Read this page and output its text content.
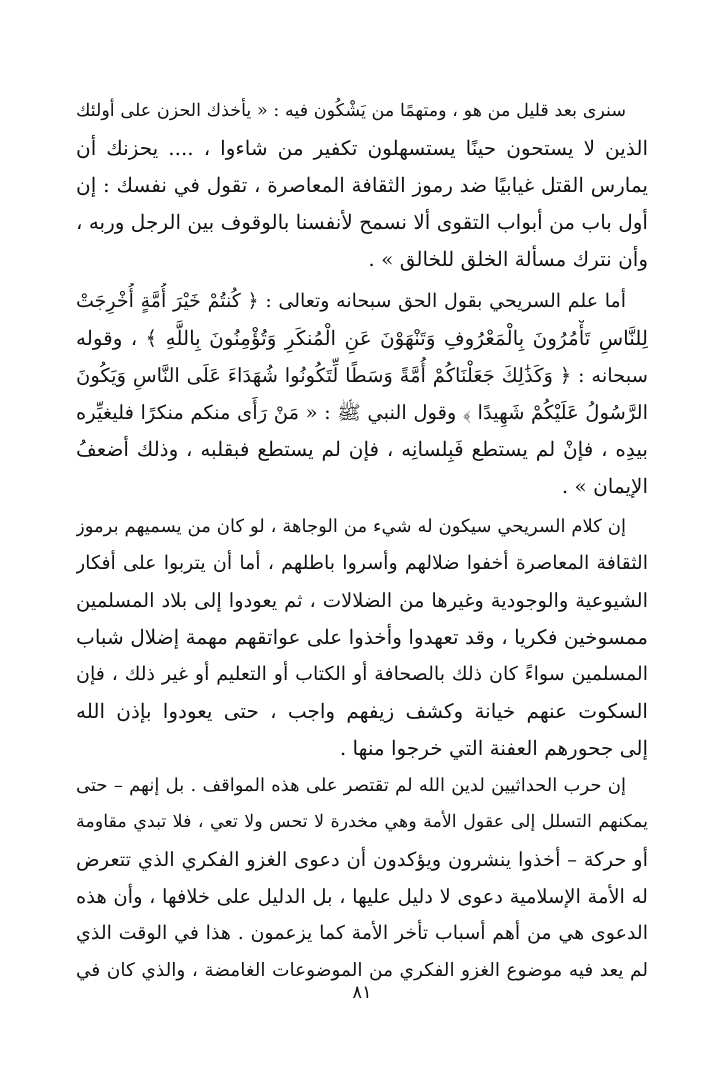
سنرى بعد قليل من هو ، ومتهمًا من يَشْكُون فيه : « يأخذك الحزن على أولئك
الذين لا يستحون حينًا يستسهلون تكفير من شاءوا ، .... يحزنك أن
يمارس القتل غيابيًا ضد رموز الثقافة المعاصرة ، تقول في نفسك : إن
أول باب من أبواب التقوى ألا نسمح لأنفسنا بالوقوف بين الرجل وربه ،
وأن نترك مسألة الخلق للخالق » .
أما علم السريحي بقول الحق سبحانه وتعالى : ﴿ كُنتُمْ خَيْرَ أُمَّةٍ أُخْرِجَتْ
لِلنَّاسِ تَأْمُرُونَ بِالْمَعْرُوفِ وَتَنْهَوْنَ عَنِ الْمُنكَرِ وَتُؤْمِنُونَ بِاللَّهِ ﴾ ، وقوله
سبحانه : ﴿ وَكَذَٰلِكَ جَعَلْنَاكُمْ أُمَّةً وَسَطًا لِّتَكُونُوا شُهَدَاءَ عَلَى النَّاسِ وَيَكُونَ
الرَّسُولُ عَلَيْكُمْ شَهِيدًا ﴾ وقول النبي ﷺ : « مَنْ رَأَى منكم منكرًا فليغيِّره
بيدِه ، فإنْ لم يستطع فَبِلسانِه ، فإن لم يستطع فبقلبه ، وذلك أضعفُ
الإيمان » .
إن كلام السريحي سيكون له شيء من الوجاهة ، لو كان من يسميهم برموز
الثقافة المعاصرة أخفوا ضلالهم وأسروا باطلهم ، أما أن يتربوا على أفكار
الشيوعية والوجودية وغيرها من الضلالات ، ثم يعودوا إلى بلاد المسلمين
ممسوخين فكريا ، وقد تعهدوا وأخذوا على عواتقهم مهمة إضلال شباب
المسلمين سواءً كان ذلك بالصحافة أو الكتاب أو التعليم أو غير ذلك ، فإن
السكوت عنهم خيانة وكشف زيفهم واجب ، حتى يعودوا بإذن الله
إلى جحورهم العفنة التي خرجوا منها .
إن حرب الحداثيين لدين الله لم تقتصر على هذه المواقف . بل إنهم – حتى
يمكنهم التسلل إلى عقول الأمة وهي مخدرة لا تحس ولا تعي ، فلا تبدي مقاومة
أو حركة – أخذوا ينشرون ويؤكدون أن دعوى الغزو الفكري الذي تتعرض
له الأمة الإسلامية دعوى لا دليل عليها ، بل الدليل على خلافها ، وأن هذه
الدعوى هي من أهم أسباب تأخر الأمة كما يزعمون . هذا في الوقت الذي
لم يعد فيه موضوع الغزو الفكري من الموضوعات الغامضة ، والذي كان في
٨١
